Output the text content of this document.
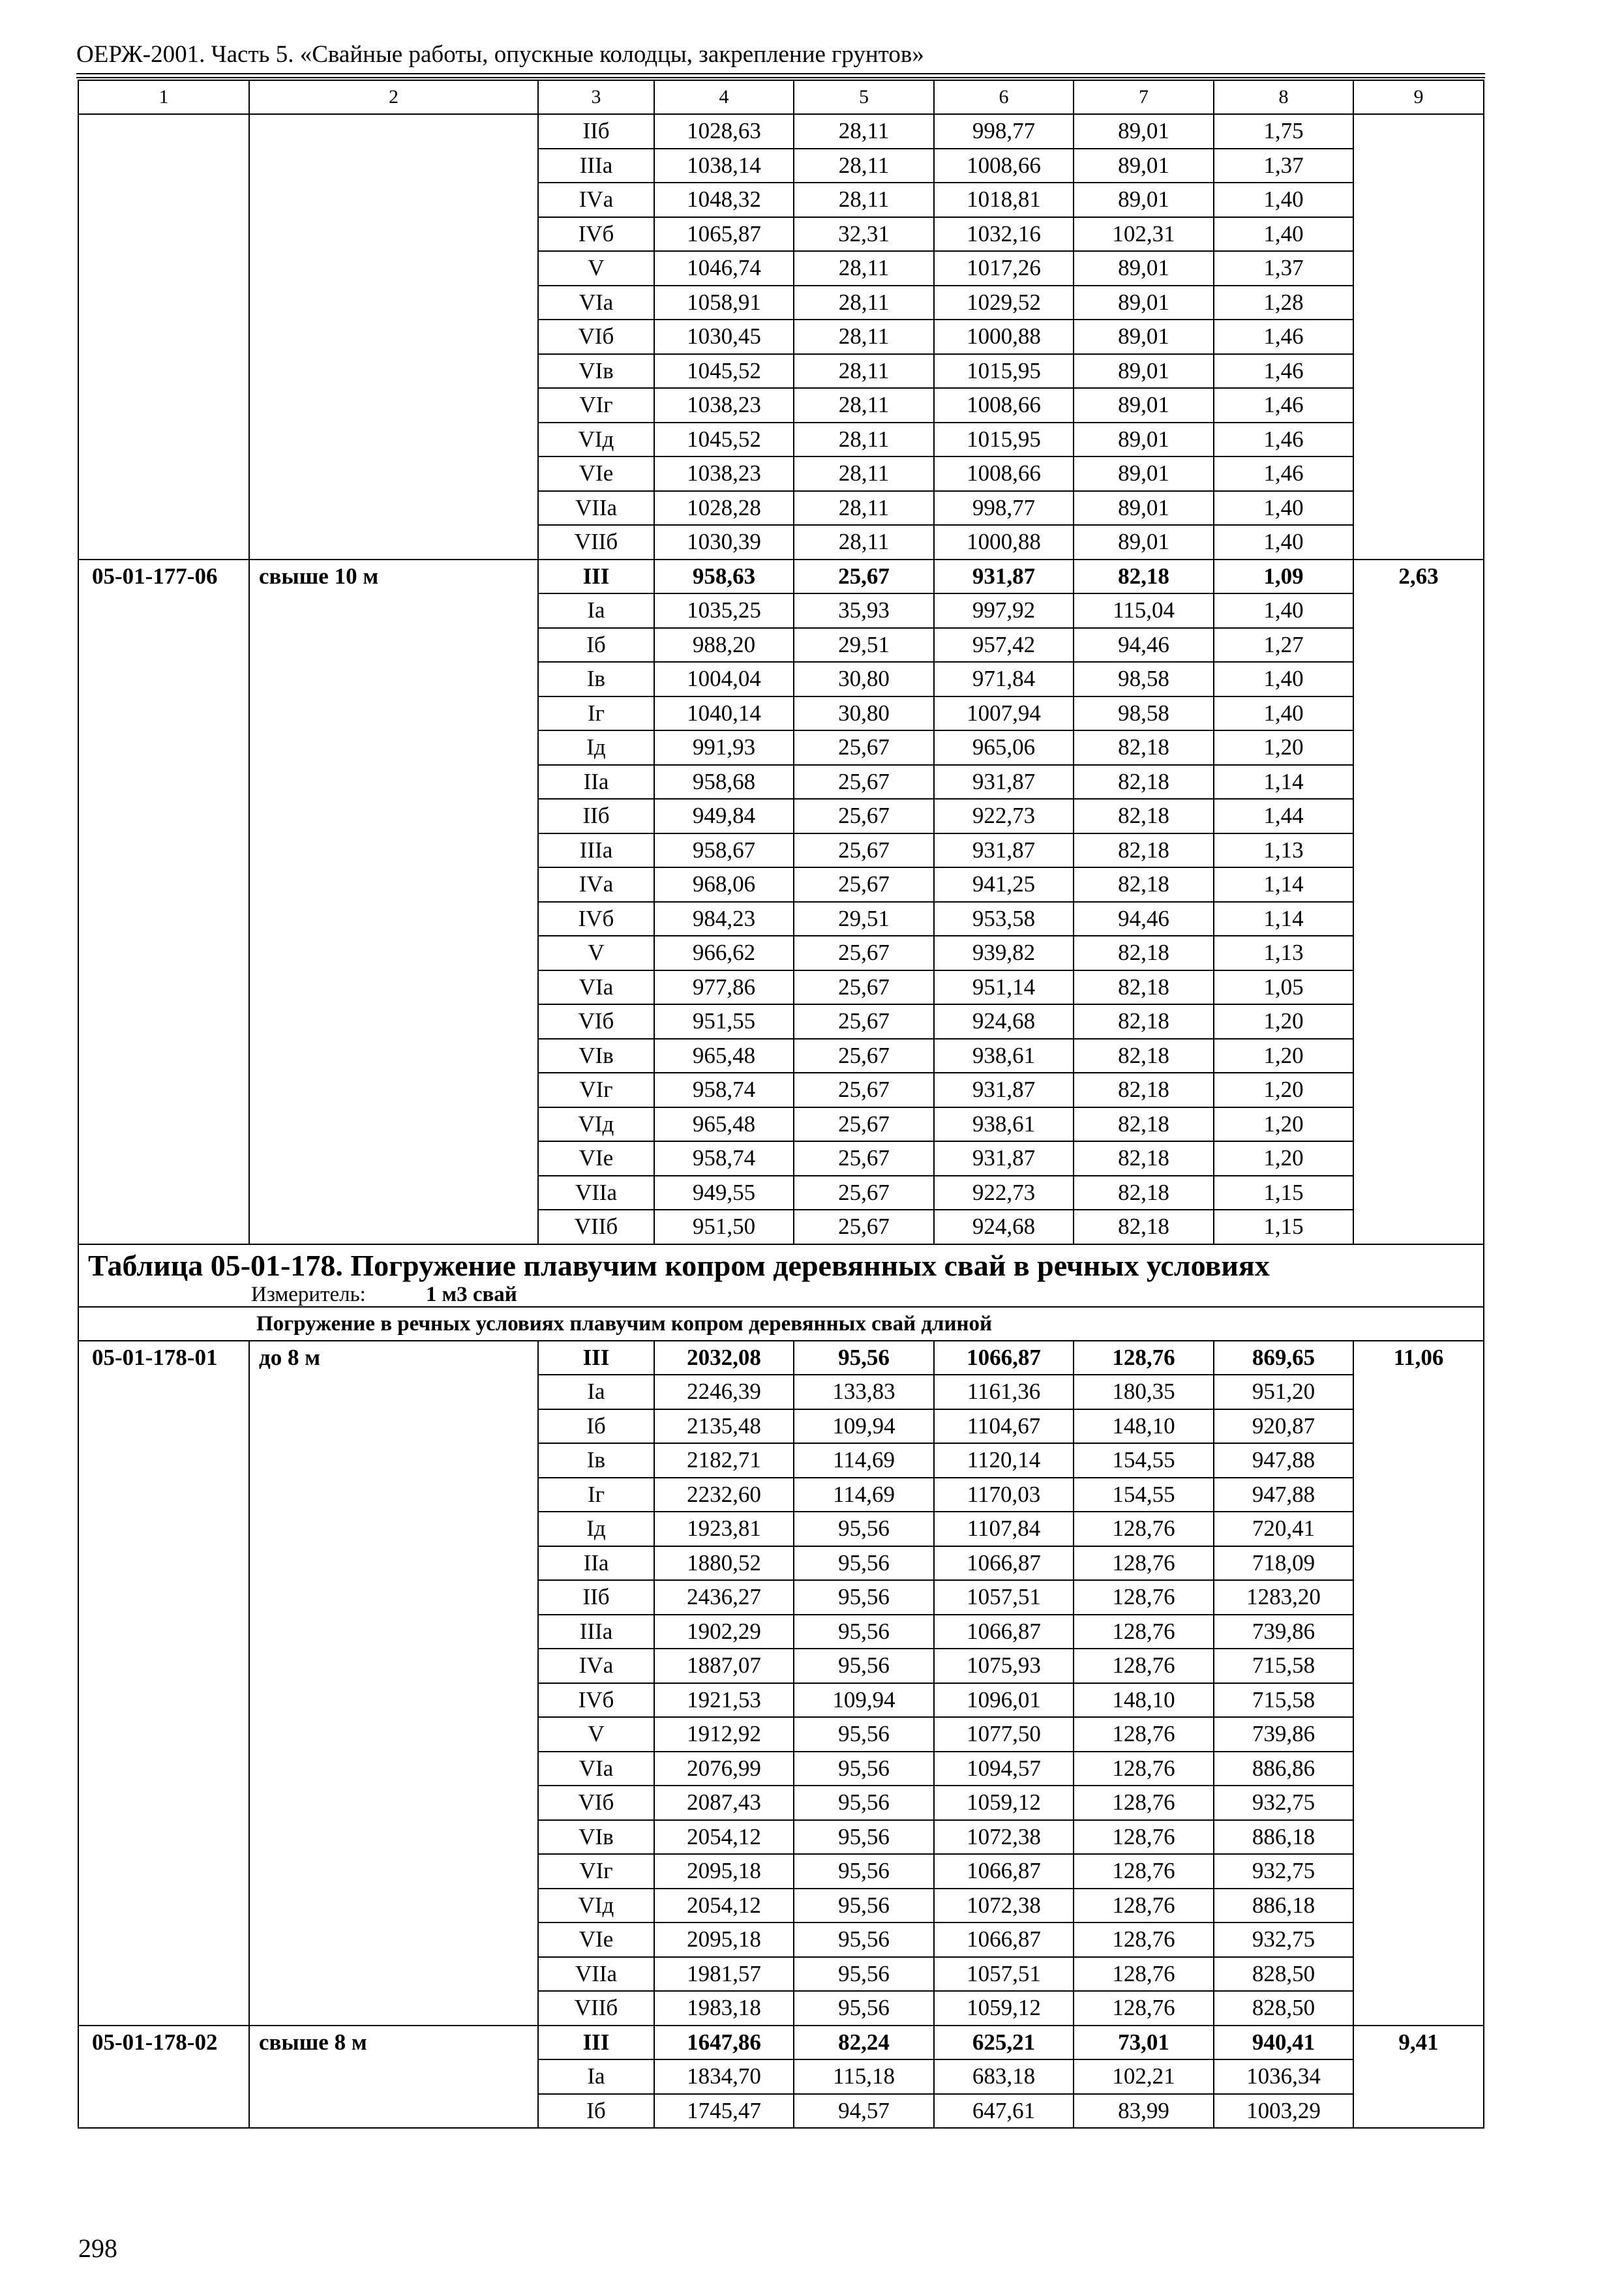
ОЕРЖ-2001. Часть 5. «Свайные работы, опускные колодцы, закрепление грунтов»
1	2	3	4	5	6	7	8	9
		IIб	1028,63	28,11	998,77	89,01	1,75	
		IIIа	1038,14	28,11	1008,66	89,01	1,37	
		IVа	1048,32	28,11	1018,81	89,01	1,40	
		IVб	1065,87	32,31	1032,16	102,31	1,40	
		V	1046,74	28,11	1017,26	89,01	1,37	
		VIа	1058,91	28,11	1029,52	89,01	1,28	
		VIб	1030,45	28,11	1000,88	89,01	1,46	
		VIв	1045,52	28,11	1015,95	89,01	1,46	
		VIг	1038,23	28,11	1008,66	89,01	1,46	
		VIд	1045,52	28,11	1015,95	89,01	1,46	
		VIе	1038,23	28,11	1008,66	89,01	1,46	
		VIIа	1028,28	28,11	998,77	89,01	1,40	
		VIIб	1030,39	28,11	1000,88	89,01	1,40	
05-01-177-06	свыше 10 м	III	958,63	25,67	931,87	82,18	1,09	2,63
		Iа	1035,25	35,93	997,92	115,04	1,40	
		Iб	988,20	29,51	957,42	94,46	1,27	
		Iв	1004,04	30,80	971,84	98,58	1,40	
		Iг	1040,14	30,80	1007,94	98,58	1,40	
		Iд	991,93	25,67	965,06	82,18	1,20	
		IIа	958,68	25,67	931,87	82,18	1,14	
		IIб	949,84	25,67	922,73	82,18	1,44	
		IIIа	958,67	25,67	931,87	82,18	1,13	
		IVа	968,06	25,67	941,25	82,18	1,14	
		IVб	984,23	29,51	953,58	94,46	1,14	
		V	966,62	25,67	939,82	82,18	1,13	
		VIа	977,86	25,67	951,14	82,18	1,05	
		VIб	951,55	25,67	924,68	82,18	1,20	
		VIв	965,48	25,67	938,61	82,18	1,20	
		VIг	958,74	25,67	931,87	82,18	1,20	
		VIд	965,48	25,67	938,61	82,18	1,20	
		VIе	958,74	25,67	931,87	82,18	1,20	
		VIIа	949,55	25,67	922,73	82,18	1,15	
		VIIб	951,50	25,67	924,68	82,18	1,15	

Таблица 05-01-178. Погружение плавучим копром деревянных свай в речных условиях
Измеритель: 1 м3 свай								

Погружение в речных условиях плавучим копром деревянных свай длиной								
05-01-178-01	до 8 м	III	2032,08	95,56	1066,87	128,76	869,65	11,06
		Iа	2246,39	133,83	1161,36	180,35	951,20	
		Iб	2135,48	109,94	1104,67	148,10	920,87	
		Iв	2182,71	114,69	1120,14	154,55	947,88	
		Iг	2232,60	114,69	1170,03	154,55	947,88	
		Iд	1923,81	95,56	1107,84	128,76	720,41	
		IIа	1880,52	95,56	1066,87	128,76	718,09	
		IIб	2436,27	95,56	1057,51	128,76	1283,20	
		IIIа	1902,29	95,56	1066,87	128,76	739,86	
		IVа	1887,07	95,56	1075,93	128,76	715,58	
		IVб	1921,53	109,94	1096,01	148,10	715,58	
		V	1912,92	95,56	1077,50	128,76	739,86	
		VIа	2076,99	95,56	1094,57	128,76	886,86	
		VIб	2087,43	95,56	1059,12	128,76	932,75	
		VIв	2054,12	95,56	1072,38	128,76	886,18	
		VIг	2095,18	95,56	1066,87	128,76	932,75	
		VIд	2054,12	95,56	1072,38	128,76	886,18	
		VIе	2095,18	95,56	1066,87	128,76	932,75	
		VIIа	1981,57	95,56	1057,51	128,76	828,50	
		VIIб	1983,18	95,56	1059,12	128,76	828,50	
05-01-178-02	свыше 8 м	III	1647,86	82,24	625,21	73,01	940,41	9,41
		Iа	1834,70	115,18	683,18	102,21	1036,34	
		Iб	1745,47	94,57	647,61	83,99	1003,29	
298
